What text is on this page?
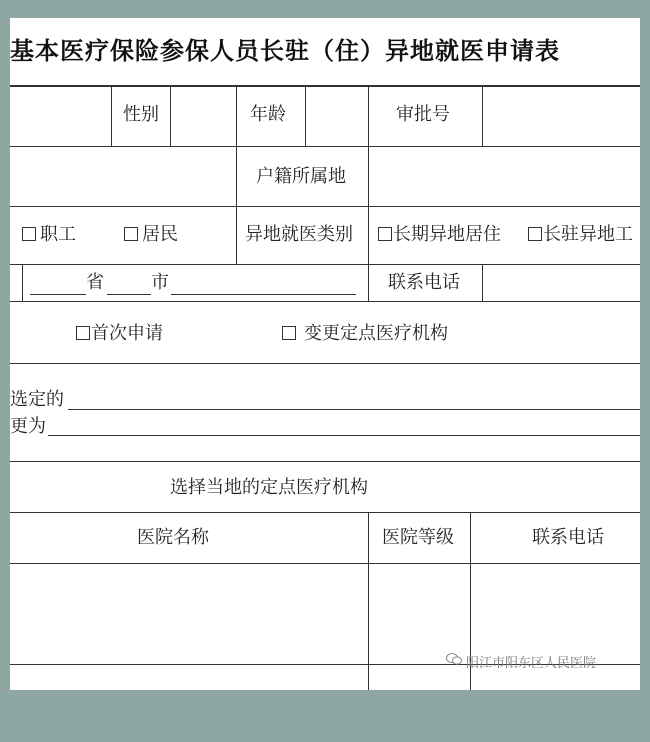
基本医疗保险参保人员长驻（住）异地就医申请表
性别	年龄	审批号
户籍所属地
职工	居民	异地就医类别	长期异地居住	长驻异地工
省	市	联系电话
首次申请	变更定点医疗机构
选定的
更为
选择当地的定点医疗机构
医院名称	医院等级	联系电话
阳江市阳东区人民医院
